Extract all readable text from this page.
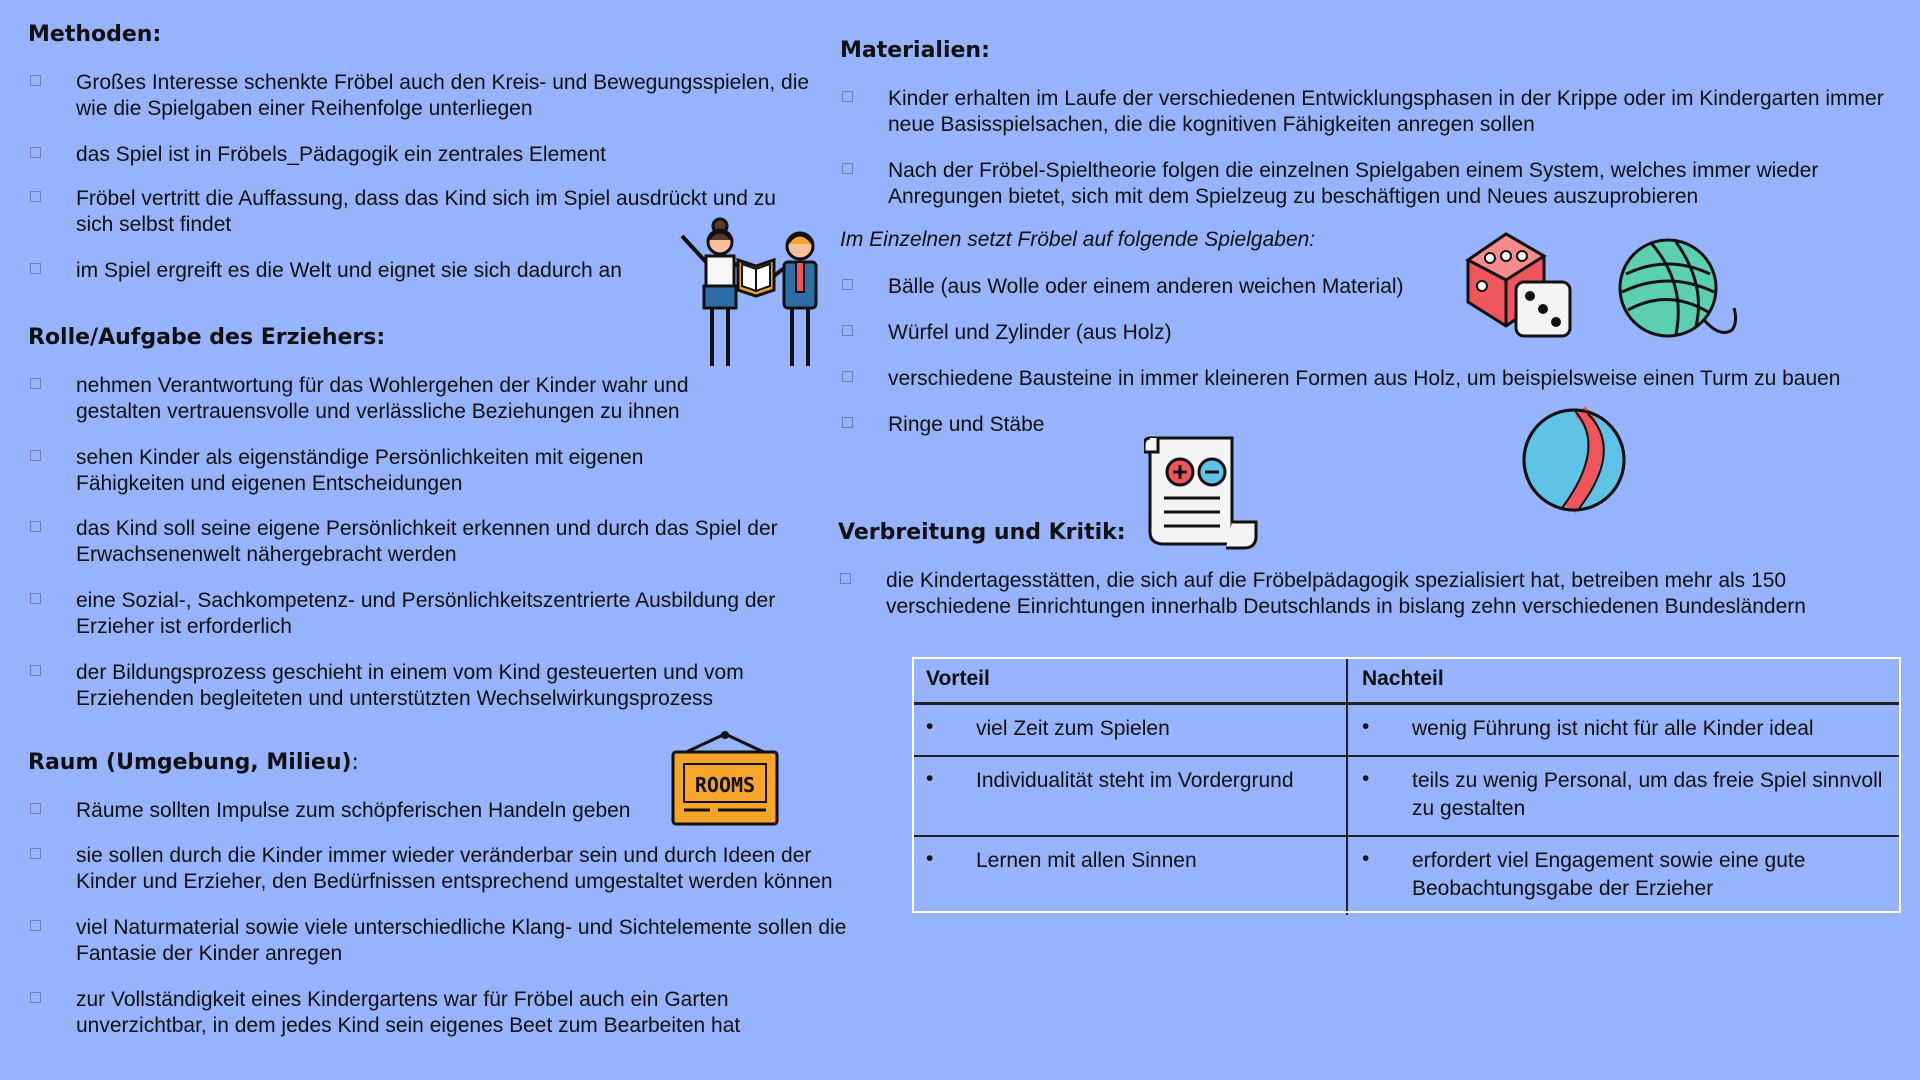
Methoden:
Großes Interesse schenkte Fröbel auch den Kreis- und Bewegungsspielen, die wie die Spielgaben einer Reihenfolge unterliegen
das Spiel ist in Fröbels_Pädagogik ein zentrales Element
Fröbel vertritt die Auffassung, dass das Kind sich im Spiel ausdrückt und zu sich selbst findet
im Spiel ergreift es die Welt und eignet sie sich dadurch an
Rolle/Aufgabe des Erziehers:
nehmen Verantwortung für das Wohlergehen der Kinder wahr und gestalten vertrauensvolle und verlässliche Beziehungen zu ihnen
sehen Kinder als eigenständige Persönlichkeiten mit eigenen Fähigkeiten und eigenen Entscheidungen
das Kind soll seine eigene Persönlichkeit erkennen und durch das Spiel der Erwachsenenwelt nähergebracht werden
eine Sozial-, Sachkompetenz- und Persönlichkeitszentrierte Ausbildung der Erzieher ist erforderlich
der Bildungsprozess geschieht in einem vom Kind gesteuerten und vom Erziehenden begleiteten und unterstützten Wechselwirkungsprozess
Raum (Umgebung, Milieu):
ROOMS
Räume sollten Impulse zum schöpferischen Handeln geben
sie sollen durch die Kinder immer wieder veränderbar sein und durch Ideen der Kinder und Erzieher, den Bedürfnissen entsprechend umgestaltet werden können
viel Naturmaterial sowie viele unterschiedliche Klang- und Sichtelemente sollen die Fantasie der Kinder anregen
zur Vollständigkeit eines Kindergartens war für Fröbel auch ein Garten unverzichtbar, in dem jedes Kind sein eigenes Beet zum Bearbeiten hat
Materialien:
Kinder erhalten im Laufe der verschiedenen Entwicklungsphasen in der Krippe oder im Kindergarten immer neue Basisspielsachen, die die kognitiven Fähigkeiten anregen sollen
Nach der Fröbel-Spieltheorie folgen die einzelnen Spielgaben einem System, welches immer wieder Anregungen bietet, sich mit dem Spielzeug zu beschäftigen und Neues auszuprobieren
Im Einzelnen setzt Fröbel auf folgende Spielgaben:
Bälle (aus Wolle oder einem anderen weichen Material)
Würfel und Zylinder (aus Holz)
verschiedene Bausteine in immer kleineren Formen aus Holz, um beispielsweise einen Turm zu bauen
Ringe und Stäbe
Verbreitung und Kritik:
die Kindertagesstätten, die sich auf die Fröbelpädagogik spezialisiert hat, betreiben mehr als 150 verschiedene Einrichtungen innerhalb Deutschlands in bislang zehn verschiedenen Bundesländern
Vorteil	Nachteil

• viel Zeit zum Spielen	• wenig Führung ist nicht für alle Kinder ideal

• Individualität steht im Vordergrund	• teils zu wenig Personal, um das freie Spiel sinnvoll zu gestalten

• Lernen mit allen Sinnen	• erfordert viel Engagement sowie eine gute Beobachtungsgabe der Erzieher
